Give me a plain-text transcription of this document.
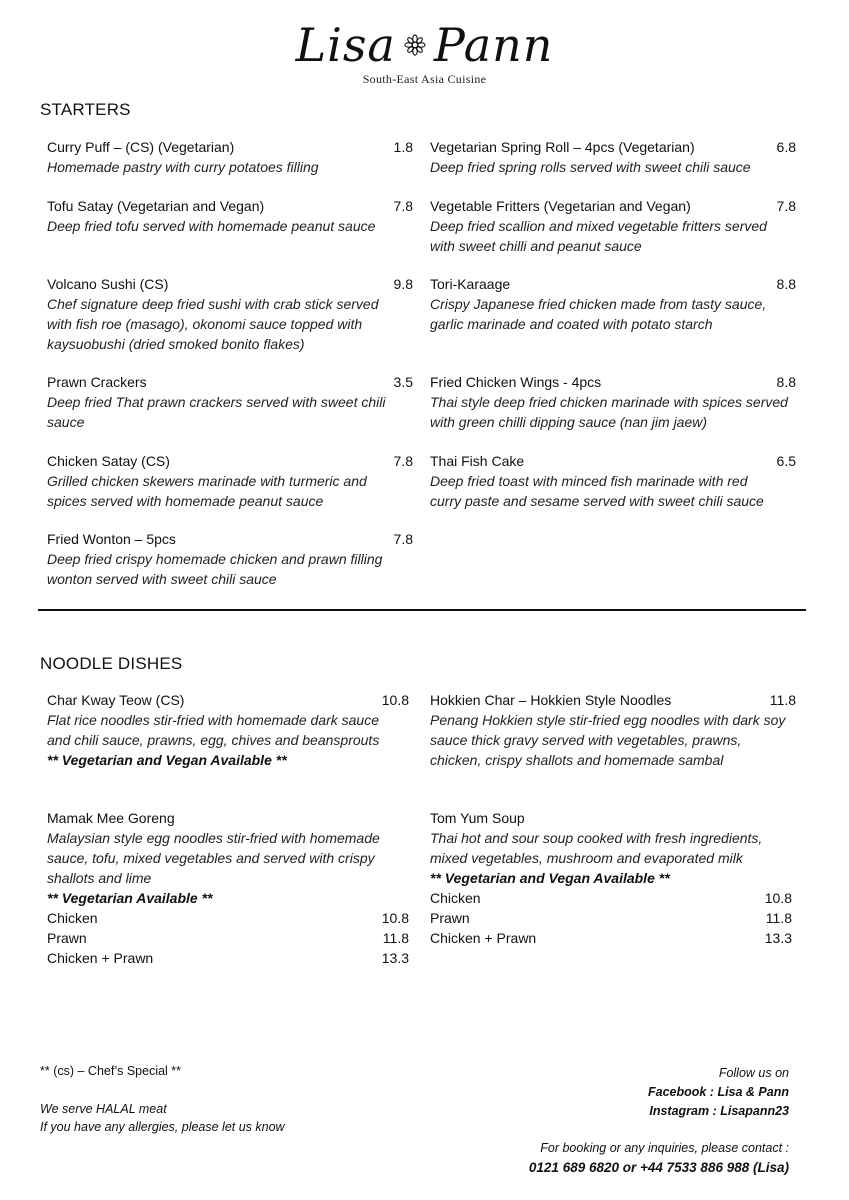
Lisa Pann
South-East Asia Cuisine
STARTERS
Curry Puff – (CS) (Vegetarian)	1.8
Homemade pastry with curry potatoes filling
Vegetarian Spring Roll – 4pcs (Vegetarian)	6.8
Deep fried spring rolls served with sweet chili sauce
Tofu Satay (Vegetarian and Vegan)	7.8
Deep fried tofu served with homemade peanut sauce
Vegetable Fritters (Vegetarian and Vegan)	7.8
Deep fried scallion and mixed vegetable fritters served
with sweet chilli and peanut sauce
Volcano Sushi (CS)	9.8
Chef signature deep fried sushi with crab stick served
with fish roe (masago), okonomi sauce topped with
kaysuobushi (dried smoked bonito flakes)
Tori-Karaage	8.8
Crispy Japanese fried chicken made from tasty sauce,
garlic marinade and coated with potato starch
Prawn Crackers	3.5
Deep fried That prawn crackers served with sweet chili
sauce
Fried Chicken Wings - 4pcs	8.8
Thai style deep fried chicken marinade with spices served
with green chilli dipping sauce (nan jim jaew)
Chicken Satay (CS)	7.8
Grilled chicken skewers marinade with turmeric and
spices served with homemade peanut sauce
Thai Fish Cake	6.5
Deep fried toast with minced fish marinade with red
curry paste and sesame served with sweet chili sauce
Fried Wonton – 5pcs	7.8
Deep fried crispy homemade chicken and prawn filling
wonton served with sweet chili sauce
NOODLE DISHES
Char Kway Teow (CS)	10.8
Flat rice noodles stir-fried with homemade dark sauce
and chili sauce, prawns, egg, chives and beansprouts
** Vegetarian and Vegan Available **
Hokkien Char – Hokkien Style Noodles	11.8
Penang Hokkien style stir-fried egg noodles with dark soy
sauce thick gravy served with vegetables, prawns,
chicken, crispy shallots and homemade sambal
Mamak Mee Goreng
Malaysian style egg noodles stir-fried with homemade
sauce, tofu, mixed vegetables and served with crispy
shallots and lime
** Vegetarian Available **
Chicken	10.8
Prawn	11.8
Chicken + Prawn	13.3
Tom Yum Soup
Thai hot and sour soup cooked with fresh ingredients,
mixed vegetables, mushroom and evaporated milk
** Vegetarian and Vegan Available **
Chicken	10.8
Prawn	11.8
Chicken + Prawn	13.3
** (cs) – Chef’s Special **
We serve HALAL meat
If you have any allergies, please let us know
Follow us on
Facebook : Lisa & Pann
Instagram : Lisapann23
For booking or any inquiries, please contact :
0121 689 6820 or +44 7533 886 988 (Lisa)
